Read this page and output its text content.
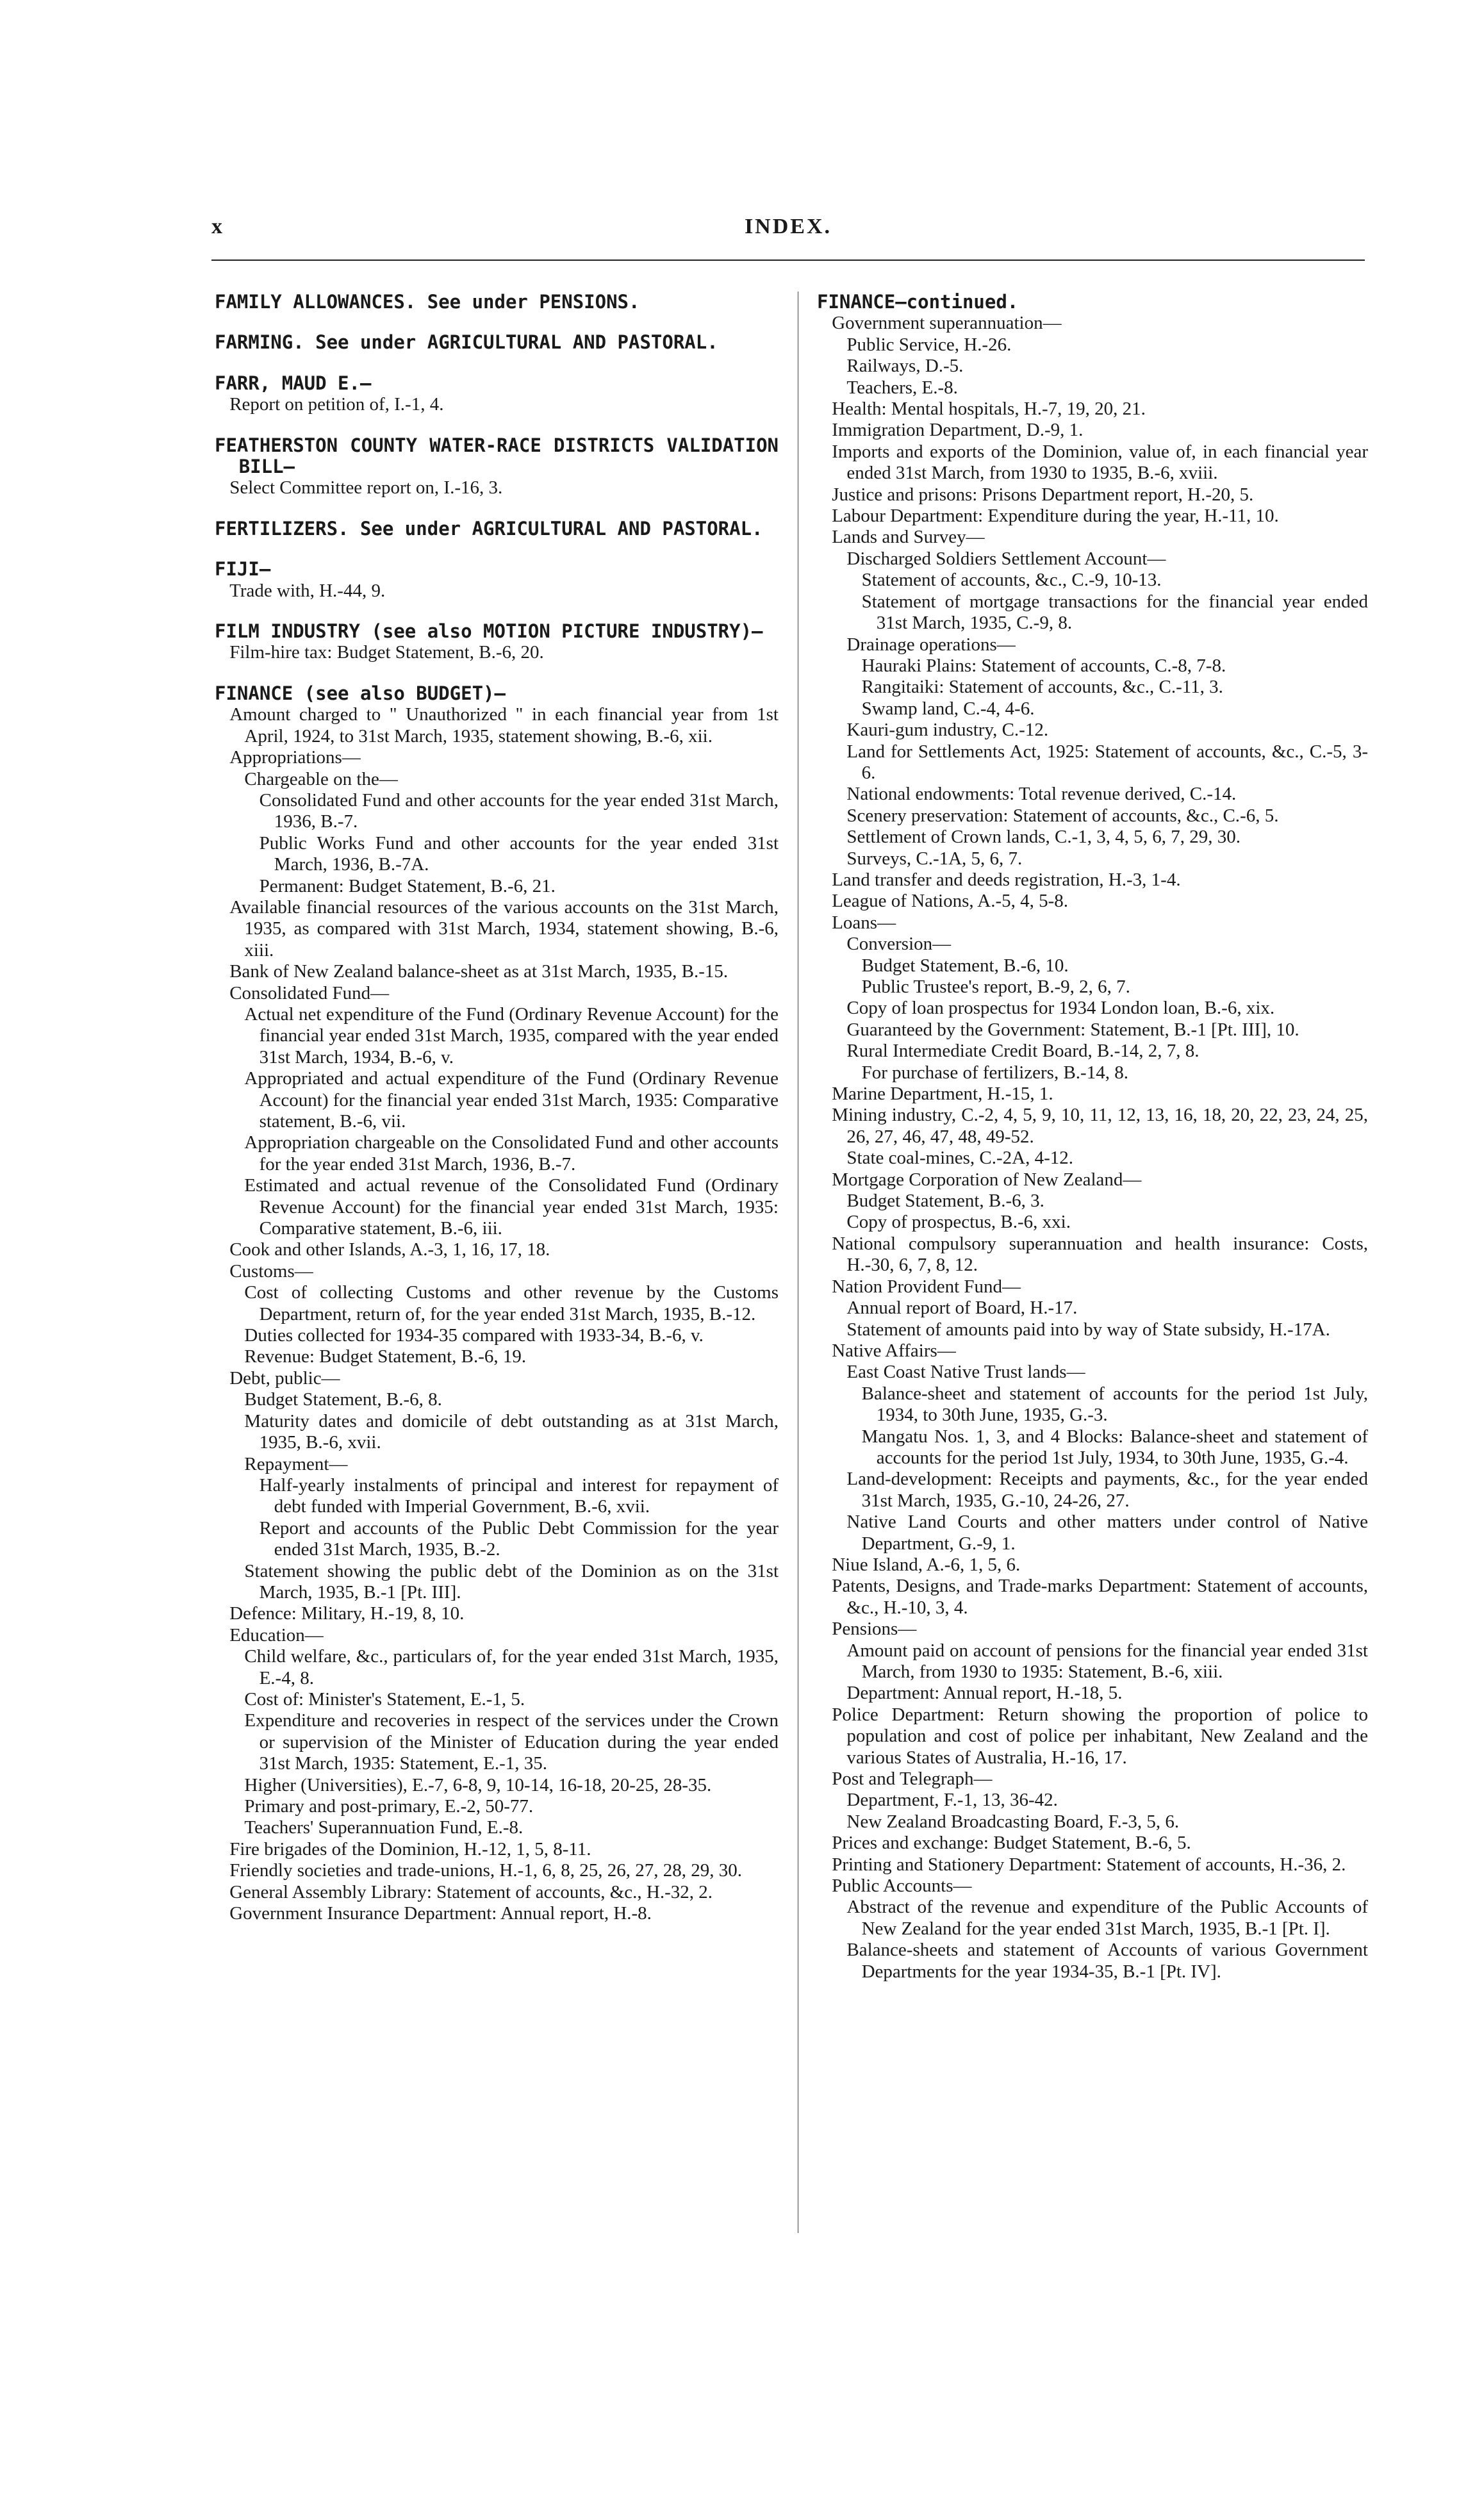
x	INDEX.
FAMILY ALLOWANCES. See under PENSIONS.
FARMING. See under AGRICULTURAL AND PASTORAL.
FARR, MAUD E.—
Report on petition of, I.-1, 4.
FEATHERSTON COUNTY WATER-RACE DISTRICTS VALIDATION BILL—
Select Committee report on, I.-16, 3.
FERTILIZERS. See under AGRICULTURAL AND PASTORAL.
FIJI—
Trade with, H.-44, 9.
FILM INDUSTRY (see also MOTION PICTURE INDUSTRY)—
Film-hire tax: Budget Statement, B.-6, 20.
FINANCE (see also BUDGET)—
Amount charged to " Unauthorized " in each financial year from 1st April, 1924, to 31st March, 1935, statement showing, B.-6, xii.
Appropriations—
Chargeable on the—
Consolidated Fund and other accounts for the year ended 31st March, 1936, B.-7.
Public Works Fund and other accounts for the year ended 31st March, 1936, B.-7A.
Permanent: Budget Statement, B.-6, 21.
Available financial resources of the various accounts on the 31st March, 1935, as compared with 31st March, 1934, statement showing, B.-6, xiii.
Bank of New Zealand balance-sheet as at 31st March, 1935, B.-15.
Consolidated Fund—
Actual net expenditure of the Fund (Ordinary Revenue Account) for the financial year ended 31st March, 1935, compared with the year ended 31st March, 1934, B.-6, v.
Appropriated and actual expenditure of the Fund (Ordinary Revenue Account) for the financial year ended 31st March, 1935: Comparative statement, B.-6, vii.
Appropriation chargeable on the Consolidated Fund and other accounts for the year ended 31st March, 1936, B.-7.
Estimated and actual revenue of the Consolidated Fund (Ordinary Revenue Account) for the financial year ended 31st March, 1935: Comparative statement, B.-6, iii.
Cook and other Islands, A.-3, 1, 16, 17, 18.
Customs—
Cost of collecting Customs and other revenue by the Customs Department, return of, for the year ended 31st March, 1935, B.-12.
Duties collected for 1934-35 compared with 1933-34, B.-6, v.
Revenue: Budget Statement, B.-6, 19.
Debt, public—
Budget Statement, B.-6, 8.
Maturity dates and domicile of debt outstanding as at 31st March, 1935, B.-6, xvii.
Repayment—
Half-yearly instalments of principal and interest for repayment of debt funded with Imperial Government, B.-6, xvii.
Report and accounts of the Public Debt Commission for the year ended 31st March, 1935, B.-2.
Statement showing the public debt of the Dominion as on the 31st March, 1935, B.-1 [Pt. III].
Defence: Military, H.-19, 8, 10.
Education—
Child welfare, &c., particulars of, for the year ended 31st March, 1935, E.-4, 8.
Cost of: Minister's Statement, E.-1, 5.
Expenditure and recoveries in respect of the services under the Crown or supervision of the Minister of Education during the year ended 31st March, 1935: Statement, E.-1, 35.
Higher (Universities), E.-7, 6-8, 9, 10-14, 16-18, 20-25, 28-35.
Primary and post-primary, E.-2, 50-77.
Teachers' Superannuation Fund, E.-8.
Fire brigades of the Dominion, H.-12, 1, 5, 8-11.
Friendly societies and trade-unions, H.-1, 6, 8, 25, 26, 27, 28, 29, 30.
General Assembly Library: Statement of accounts, &c., H.-32, 2.
Government Insurance Department: Annual report, H.-8.
FINANCE—continued.
Government superannuation—
Public Service, H.-26.
Railways, D.-5.
Teachers, E.-8.
Health: Mental hospitals, H.-7, 19, 20, 21.
Immigration Department, D.-9, 1.
Imports and exports of the Dominion, value of, in each financial year ended 31st March, from 1930 to 1935, B.-6, xviii.
Justice and prisons: Prisons Department report, H.-20, 5.
Labour Department: Expenditure during the year, H.-11, 10.
Lands and Survey—
Discharged Soldiers Settlement Account—
Statement of accounts, &c., C.-9, 10-13.
Statement of mortgage transactions for the financial year ended 31st March, 1935, C.-9, 8.
Drainage operations—
Hauraki Plains: Statement of accounts, C.-8, 7-8.
Rangitaiki: Statement of accounts, &c., C.-11, 3.
Swamp land, C.-4, 4-6.
Kauri-gum industry, C.-12.
Land for Settlements Act, 1925: Statement of accounts, &c., C.-5, 3-6.
National endowments: Total revenue derived, C.-14.
Scenery preservation: Statement of accounts, &c., C.-6, 5.
Settlement of Crown lands, C.-1, 3, 4, 5, 6, 7, 29, 30.
Surveys, C.-1A, 5, 6, 7.
Land transfer and deeds registration, H.-3, 1-4.
League of Nations, A.-5, 4, 5-8.
Loans—
Conversion—
Budget Statement, B.-6, 10.
Public Trustee's report, B.-9, 2, 6, 7.
Copy of loan prospectus for 1934 London loan, B.-6, xix.
Guaranteed by the Government: Statement, B.-1 [Pt. III], 10.
Rural Intermediate Credit Board, B.-14, 2, 7, 8.
For purchase of fertilizers, B.-14, 8.
Marine Department, H.-15, 1.
Mining industry, C.-2, 4, 5, 9, 10, 11, 12, 13, 16, 18, 20, 22, 23, 24, 25, 26, 27, 46, 47, 48, 49-52.
State coal-mines, C.-2A, 4-12.
Mortgage Corporation of New Zealand—
Budget Statement, B.-6, 3.
Copy of prospectus, B.-6, xxi.
National compulsory superannuation and health insurance: Costs, H.-30, 6, 7, 8, 12.
Nation Provident Fund—
Annual report of Board, H.-17.
Statement of amounts paid into by way of State subsidy, H.-17A.
Native Affairs—
East Coast Native Trust lands—
Balance-sheet and statement of accounts for the period 1st July, 1934, to 30th June, 1935, G.-3.
Mangatu Nos. 1, 3, and 4 Blocks: Balance-sheet and statement of accounts for the period 1st July, 1934, to 30th June, 1935, G.-4.
Land-development: Receipts and payments, &c., for the year ended 31st March, 1935, G.-10, 24-26, 27.
Native Land Courts and other matters under control of Native Department, G.-9, 1.
Niue Island, A.-6, 1, 5, 6.
Patents, Designs, and Trade-marks Department: Statement of accounts, &c., H.-10, 3, 4.
Pensions—
Amount paid on account of pensions for the financial year ended 31st March, from 1930 to 1935: Statement, B.-6, xiii.
Department: Annual report, H.-18, 5.
Police Department: Return showing the proportion of police to population and cost of police per inhabitant, New Zealand and the various States of Australia, H.-16, 17.
Post and Telegraph—
Department, F.-1, 13, 36-42.
New Zealand Broadcasting Board, F.-3, 5, 6.
Prices and exchange: Budget Statement, B.-6, 5.
Printing and Stationery Department: Statement of accounts, H.-36, 2.
Public Accounts—
Abstract of the revenue and expenditure of the Public Accounts of New Zealand for the year ended 31st March, 1935, B.-1 [Pt. I].
Balance-sheets and statement of Accounts of various Government Departments for the year 1934-35, B.-1 [Pt. IV].
